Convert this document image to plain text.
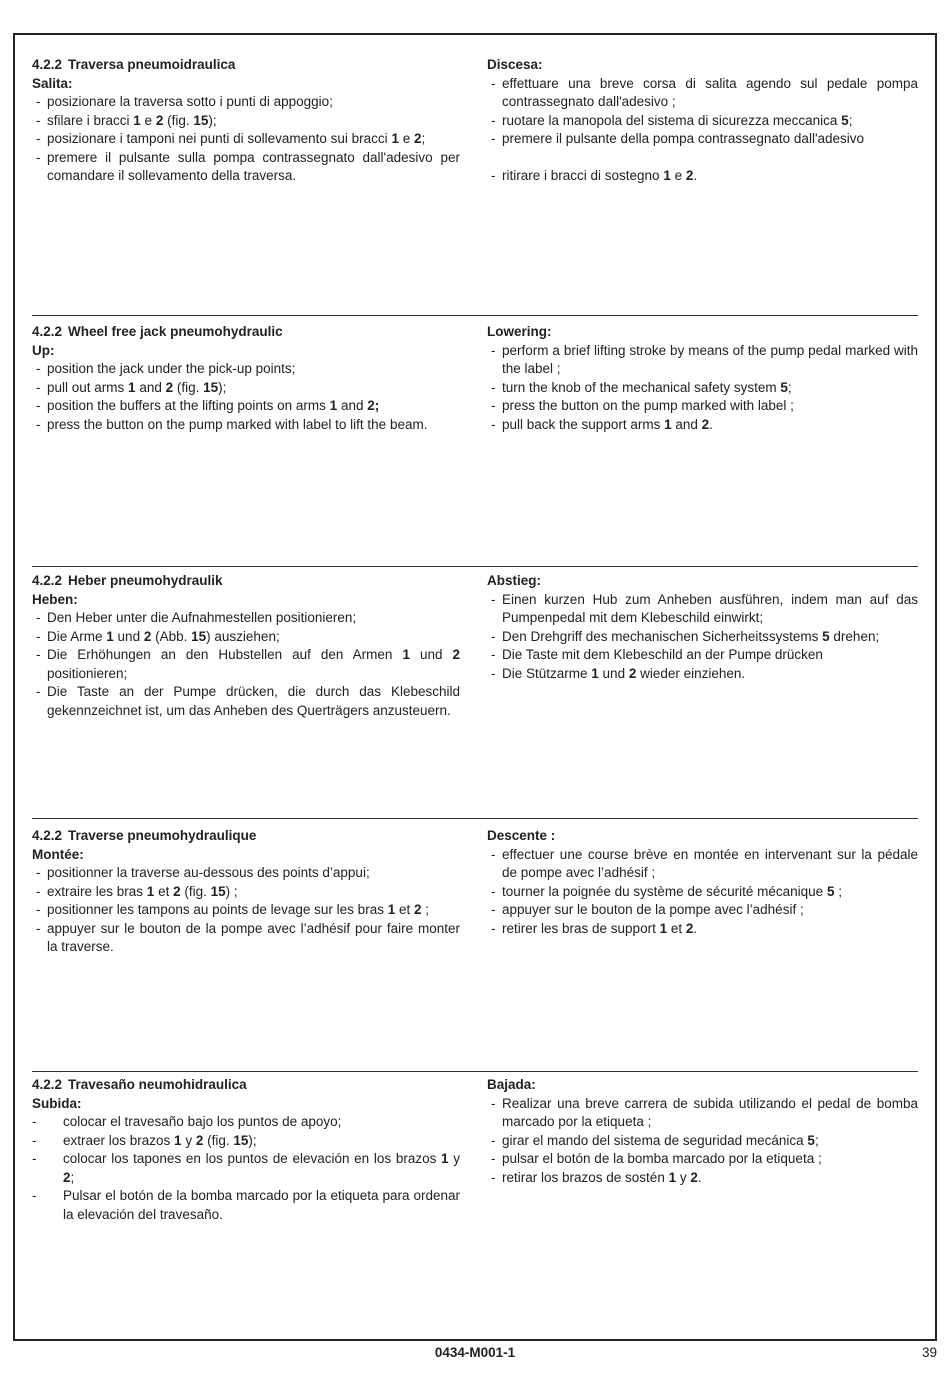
4.2.2 Traversa pneumoidraulica

Salita:

- posizionare la traversa sotto i punti di appoggio;
- sfilare i bracci 1 e 2 (fig. 15);
- posizionare i tamponi nei punti di sollevamento sui bracci 1 e 2;
- premere il pulsante sulla pompa contrassegnato dall'adesivo per comandare il sollevamento della traversa.

Discesa:

- effettuare una breve corsa di salita agendo sul pedale pompa contrassegnato dall'adesivo ;
- ruotare la manopola del sistema di sicurezza meccanica 5;
- premere il pulsante della pompa contrassegnato dall'adesivo
- ritirare i bracci di sostegno 1 e 2.

4.2.2 Wheel free jack pneumohydraulic

Up:

- position the jack under the pick-up points;
- pull out arms 1 and 2 (fig. 15);
- position the buffers at the lifting points on arms 1 and 2;
- press the button on the pump marked with label to lift the beam.

Lowering:

- perform a brief lifting stroke by means of the pump pedal marked with the label ;
- turn the knob of the mechanical safety system 5;
- press the button on the pump marked with label ;
- pull back the support arms 1 and 2.

4.2.2 Heber pneumohydraulik

Heben:

- Den Heber unter die Aufnahmestellen positionieren;
- Die Arme 1 und 2 (Abb. 15) ausziehen;
- Die Erhöhungen an den Hubstellen auf den Armen 1 und 2 positionieren;
- Die Taste an der Pumpe drücken, die durch das Klebeschild gekennzeichnet ist, um das Anheben des Querträgers anzusteuern.

Abstieg:

- Einen kurzen Hub zum Anheben ausführen, indem man auf das Pumpenpedal mit dem Klebeschild einwirkt;
- Den Drehgriff des mechanischen Sicherheitssystems 5 drehen;
- Die Taste mit dem Klebeschild an der Pumpe drücken
- Die Stützarme 1 und 2 wieder einziehen.

4.2.2 Traverse pneumohydraulique

Montée:

- positionner la traverse au-dessous des points d’appui;
- extraire les bras 1 et 2 (fig. 15) ;
- positionner les tampons au points de levage sur les bras 1 et 2 ;
- appuyer sur le bouton de la pompe avec l’adhésif pour faire monter la traverse.

Descente :

- effectuer une course brève en montée en intervenant sur la pédale de pompe avec l’adhésif ;
- tourner la poignée du système de sécurité mécanique 5 ;
- appuyer sur le bouton de la pompe avec l’adhésif ;
- retirer les bras de support 1 et 2.

4.2.2 Travesaño neumohidraulica

Subida:

- colocar el travesaño bajo los puntos de apoyo;
- extraer los brazos 1 y 2 (fig. 15);
- colocar los tapones en los puntos de elevación en los brazos 1 y 2;
- Pulsar el botón de la bomba marcado por la etiqueta para ordenar la elevación del travesaño.

Bajada:

- Realizar una breve carrera de subida utilizando el pedal de bomba marcado por la etiqueta ;
- girar el mando del sistema de seguridad mecánica 5;
- pulsar el botón de la bomba marcado por la etiqueta ;
- retirar los brazos de sostén 1 y 2.
0434-M001-1	39
